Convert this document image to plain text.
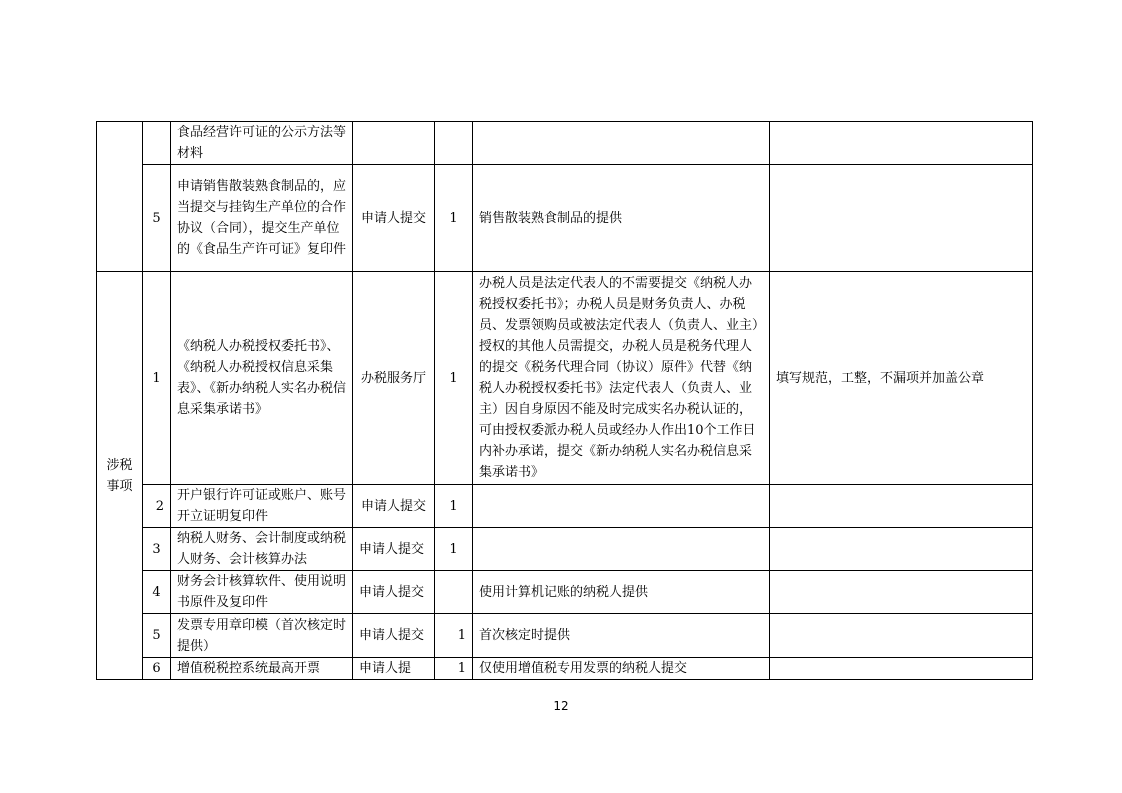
		食品经营许可证的公示方法等材料				
	5	申请销售散装熟食制品的，应当提交与挂钩生产单位的合作协议（合同），提交生产单位的《食品生产许可证》复印件	申请人提交	1	销售散装熟食制品的提供	
涉税事项	1	《纳税人办税授权委托书》、《纳税人办税授权信息采集表》、《新办纳税人实名办税信息采集承诺书》	办税服务厅	1	办税人员是法定代表人的不需要提交《纳税人办税授权委托书》；办税人员是财务负责人、办税员、发票领购员或被法定代表人（负责人、业主）授权的其他人员需提交，办税人员是税务代理人的提交《税务代理合同（协议）原件》代替《纳税人办税授权委托书》法定代表人（负责人、业主）因自身原因不能及时完成实名办税认证的，可由授权委派办税人员或经办人作出10个工作日内补办承诺，提交《新办纳税人实名办税信息采集承诺书》	填写规范，工整，不漏项并加盖公章
	2	开户银行许可证或账户、账号开立证明复印件	申请人提交	1		
	3	纳税人财务、会计制度或纳税人财务、会计核算办法	申请人提交	1		
	4	财务会计核算软件、使用说明书原件及复印件	申请人提交		使用计算机记账的纳税人提供	
	5	发票专用章印模（首次核定时提供）	申请人提交	1	首次核定时提供	
	6	增值税税控系统最高开票	申请人提	1	仅使用增值税专用发票的纳税人提交	
12
